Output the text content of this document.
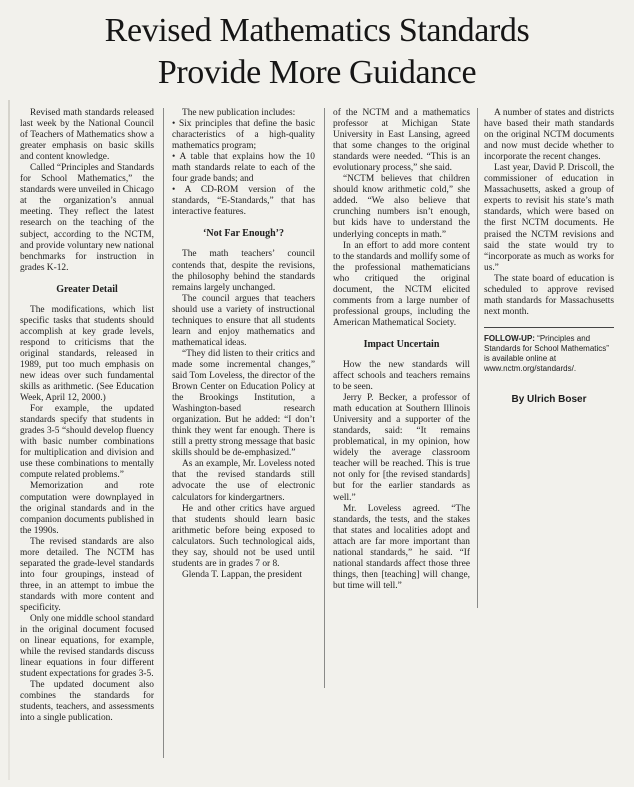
Revised Mathematics Standards
Provide More Guidance

Revised math standards released last week by the National Council of Teachers of Mathematics show a greater emphasis on basic skills and content knowledge.

Called “Principles and Standards for School Mathematics,” the standards were unveiled in Chicago at the organization’s annual meeting. They reflect the latest research on the teaching of the subject, according to the NCTM, and provide voluntary new national benchmarks for instruction in grades K-12.

Greater Detail

The modifications, which list specific tasks that students should accomplish at key grade levels, respond to criticisms that the original standards, released in 1989, put too much emphasis on new ideas over such fundamental skills as arithmetic. (See Education Week, April 12, 2000.)

For example, the updated standards specify that students in grades 3-5 “should develop fluency with basic number combinations for multiplication and division and use these combinations to mentally compute related problems.”

Memorization and rote computation were downplayed in the original standards and in the companion documents published in the 1990s.

The revised standards are also more detailed. The NCTM has separated the grade-level standards into four groupings, instead of three, in an attempt to imbue the standards with more content and specificity.

Only one middle school standard in the original document focused on linear equations, for example, while the revised standards discuss linear equations in four different student expectations for grades 3-5.

The updated document also combines the standards for students, teachers, and assessments into a single publication.

The new publication includes:

• Six principles that define the basic characteristics of a high-quality mathematics program;

• A table that explains how the 10 math standards relate to each of the four grade bands; and

• A CD-ROM version of the standards, “E-Standards,” that has interactive features.

‘Not Far Enough’?

The math teachers’ council contends that, despite the revisions, the philosophy behind the standards remains largely unchanged.

The council argues that teachers should use a variety of instructional techniques to ensure that all students learn and enjoy mathematics and mathematical ideas.

“They did listen to their critics and made some incremental changes,” said Tom Loveless, the director of the Brown Center on Education Policy at the Brookings Institution, a Washington-based research organization. But he added: “I don’t think they went far enough. There is still a pretty strong message that basic skills should be de-emphasized.”

As an example, Mr. Loveless noted that the revised standards still advocate the use of electronic calculators for kindergartners.

He and other critics have argued that students should learn basic arithmetic before being exposed to calculators. Such technological aids, they say, should not be used until students are in grades 7 or 8.

Glenda T. Lappan, the president

of the NCTM and a mathematics professor at Michigan State University in East Lansing, agreed that some changes to the original standards were needed. “This is an evolutionary process,” she said.

“NCTM believes that children should know arithmetic cold,” she added. “We also believe that crunching numbers isn’t enough, but kids have to understand the underlying concepts in math.”

In an effort to add more content to the standards and mollify some of the professional mathematicians who critiqued the original document, the NCTM elicited comments from a large number of professional groups, including the American Mathematical Society.

Impact Uncertain

How the new standards will affect schools and teachers remains to be seen.

Jerry P. Becker, a professor of math education at Southern Illinois University and a supporter of the standards, said: “It remains problematical, in my opinion, how widely the average classroom teacher will be reached. This is true not only for [the revised standards] but for the earlier standards as well.”

Mr. Loveless agreed. “The standards, the tests, and the stakes that states and localities adopt and attach are far more important than national standards,” he said. “If national standards affect those three things, then [teaching] will change, but time will tell.”

A number of states and districts have based their math standards on the original NCTM documents and now must decide whether to incorporate the recent changes.

Last year, David P. Driscoll, the commissioner of education in Massachusetts, asked a group of experts to revisit his state’s math standards, which were based on the first NCTM documents. He praised the NCTM revisions and said the state would try to “incorporate as much as works for us.”

The state board of education is scheduled to approve revised math standards for Massachusetts next month.

FOLLOW-UP: “Principles and Standards for School Mathematics” is available online at www.nctm.org/standards/.

By Ulrich Boser
